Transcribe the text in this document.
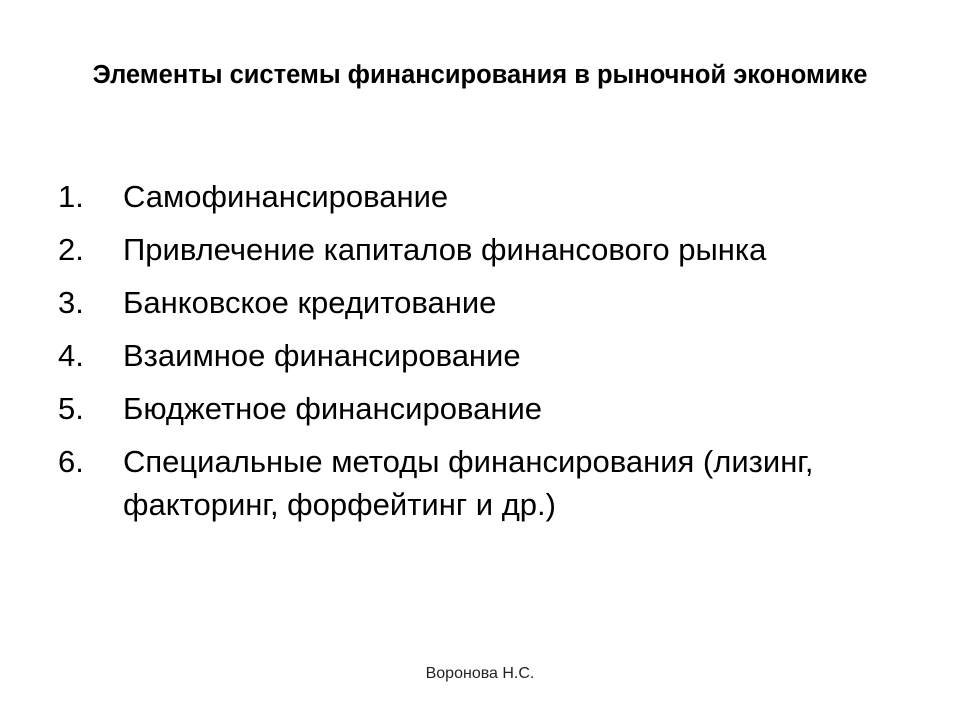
Элементы системы финансирования в рыночной экономике
1.	Самофинансирование
2.	Привлечение капиталов финансового рынка
3.	Банковское кредитование
4.	Взаимное финансирование
5.	Бюджетное финансирование
6.	Специальные методы финансирования (лизинг, факторинг, форфейтинг и др.)
Воронова Н.С.
